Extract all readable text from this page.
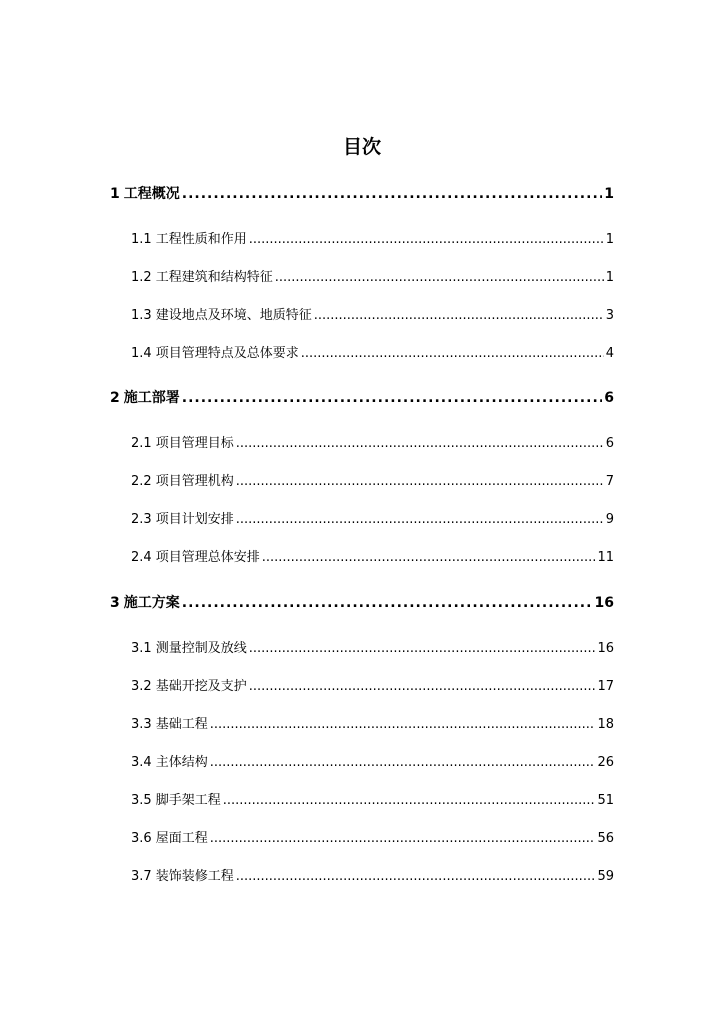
目次
1 工程概况 .....	1
1.1 工程性质和作用 .....	1
1.2 工程建筑和结构特征 .....	1
1.3 建设地点及环境、地质特征 .....	3
1.4 项目管理特点及总体要求 .....	4
2 施工部署 .....	6
2.1 项目管理目标 .....	6
2.2 项目管理机构 .....	7
2.3 项目计划安排 .....	9
2.4 项目管理总体安排 .....	11
3 施工方案 .....	16
3.1 测量控制及放线 .....	16
3.2 基础开挖及支护 .....	17
3.3 基础工程 .....	18
3.4 主体结构 .....	26
3.5 脚手架工程 .....	51
3.6 屋面工程 .....	56
3.7 装饰装修工程 .....	59
